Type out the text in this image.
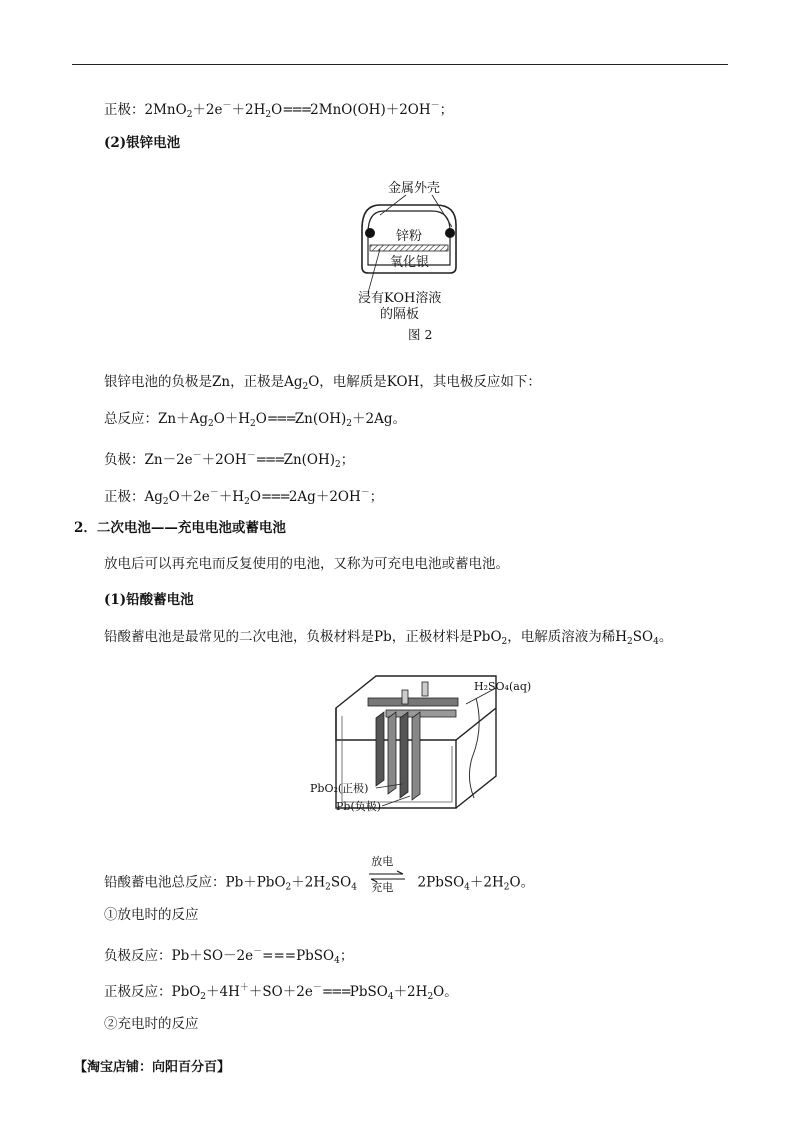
正极：$2MnO_2+2e^-+2H_2O===2MnO(OH)+2OH^-$；
(2)银锌电池
金属外壳
锌粉
氧化银
浸有KOH溶液
的隔板
图 2
银锌电池的负极是Zn，正极是$Ag_2O$，电解质是KOH，其电极反应如下：
总反应：$Zn+Ag_2O+H_2O===Zn(OH)_2+2Ag$。
负极：$Zn-2e^-+2OH^-===Zn(OH)_2$；
正极：$Ag_2O+2e^-+H_2O===2Ag+2OH^-$；
2．二次电池——充电电池或蓄电池
放电后可以再充电而反复使用的电池，又称为可充电电池或蓄电池。
(1)铅酸蓄电池
铅酸蓄电池是最常见的二次电池，负极材料是Pb，正极材料是PbO$_2$，电解质溶液为稀$H_2SO_4$。
H₂SO₄(aq)
PbO₂(正极)
Pb(负极)
铅酸蓄电池总反应：$Pb+PbO_2+2H_2SO_4$
放电
充电 $2PbSO_4+2H_2O$。
①放电时的反应
负极反应：Pb＋SO－2e－===PbSO$_4$；
正极反应：$PbO_2+4H^++SO+2e^-===PbSO_4+2H_2O$。
②充电时的反应
【淘宝店铺：向阳百分百】
